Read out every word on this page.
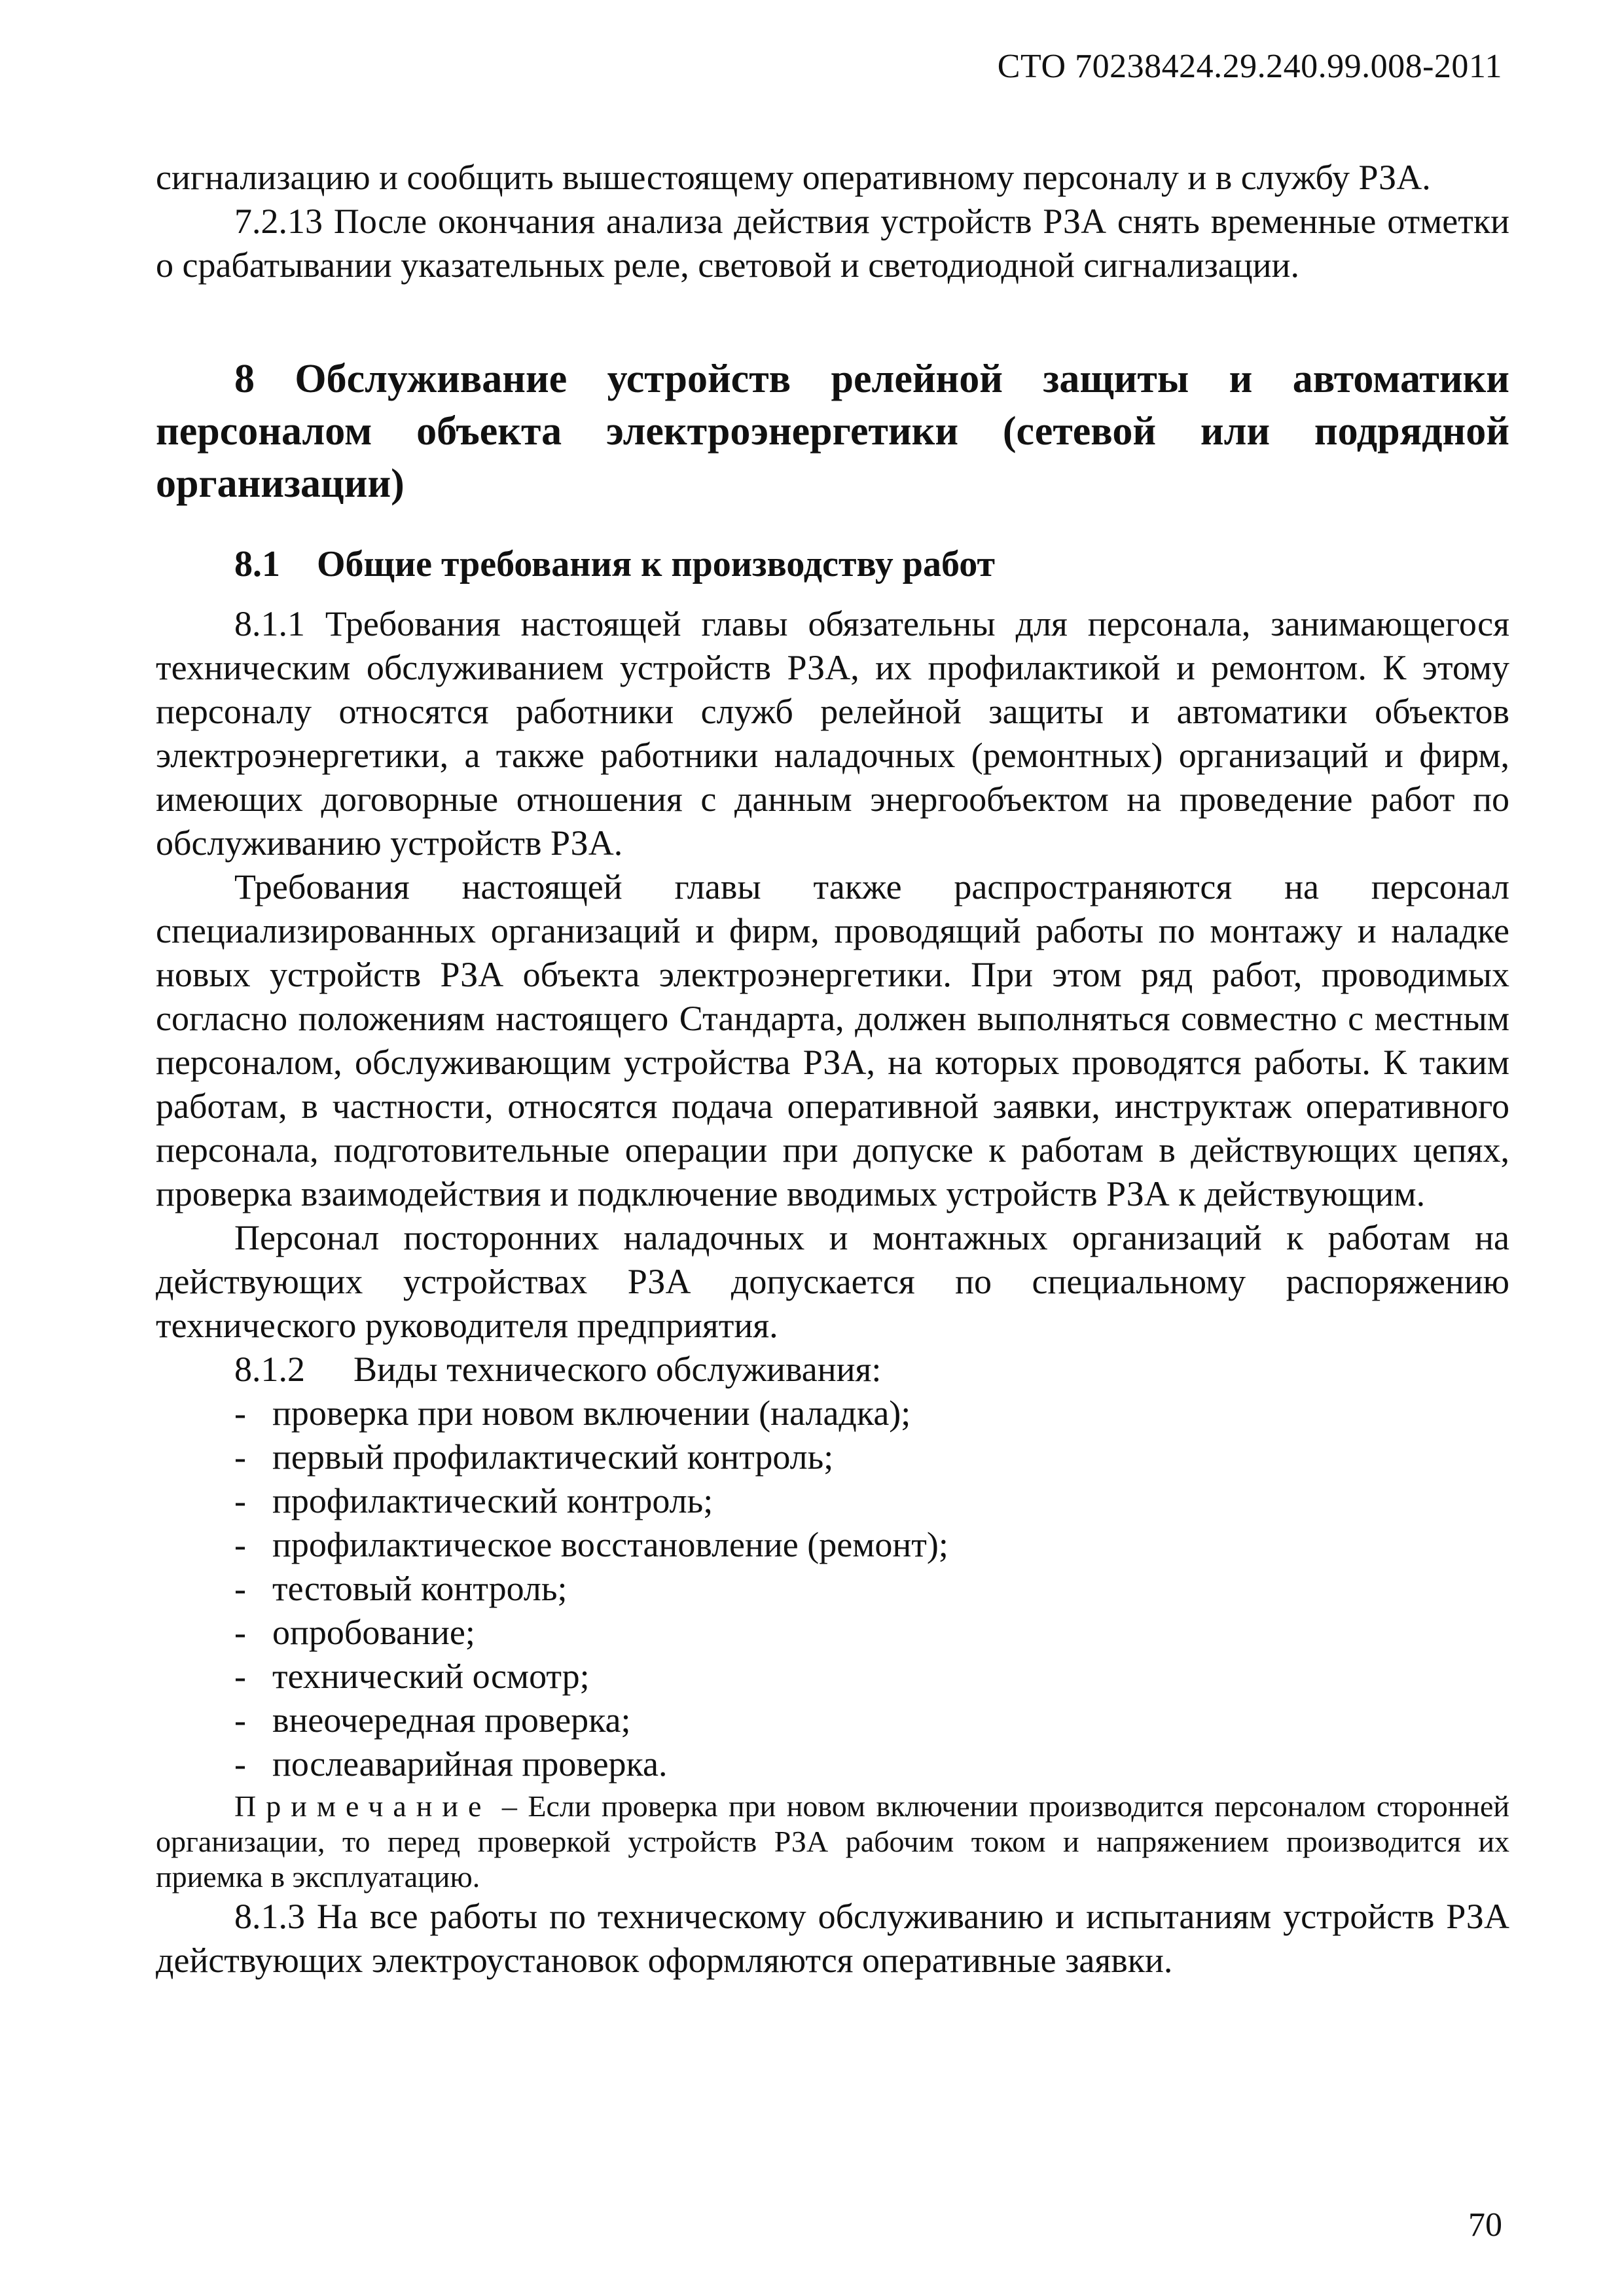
СТО 70238424.29.240.99.008-2011

сигнализацию и сообщить вышестоящему оперативному персоналу и в службу РЗА.

7.2.13 После окончания анализа действия устройств РЗА снять временные отметки о срабатывании указательных реле, световой и светодиодной сигнализации.

8 Обслуживание устройств релейной защиты и автоматики персоналом объекта электроэнергетики (сетевой или подрядной организации)
8.1 Общие требования к производству работ

8.1.1 Требования настоящей главы обязательны для персонала, занимающегося техническим обслуживанием устройств РЗА, их профилактикой и ремонтом. К этому персоналу относятся работники служб релейной защиты и автоматики объектов электроэнергетики, а также работники наладочных (ремонтных) организаций и фирм, имеющих договорные отношения с данным энергообъектом на проведение работ по обслуживанию устройств РЗА.

Требования настоящей главы также распространяются на персонал специализированных организаций и фирм, проводящий работы по монтажу и наладке новых устройств РЗА объекта электроэнергетики. При этом ряд работ, проводимых согласно положениям настоящего Стандарта, должен выполняться совместно с местным персоналом, обслуживающим устройства РЗА, на которых проводятся работы. К таким работам, в частности, относятся подача оперативной заявки, инструктаж оперативного персонала, подготовительные операции при допуске к работам в действующих цепях, проверка взаимодействия и подключение вводимых устройств РЗА к действующим.

Персонал посторонних наладочных и монтажных организаций к работам на действующих устройствах РЗА допускается по специальному распоряжению технического руководителя предприятия.

8.1.2 Виды технического обслуживания:
- проверка при новом включении (наладка);
- первый профилактический контроль;
- профилактический контроль;
- профилактическое восстановление (ремонт);
- тестовый контроль;
- опробование;
- технический осмотр;
- внеочередная проверка;
- послеаварийная проверка.

Примечание – Если проверка при новом включении производится персоналом сторонней организации, то перед проверкой устройств РЗА рабочим током и напряжением производится их приемка в эксплуатацию.

8.1.3 На все работы по техническому обслуживанию и испытаниям устройств РЗА действующих электроустановок оформляются оперативные заявки.

70
